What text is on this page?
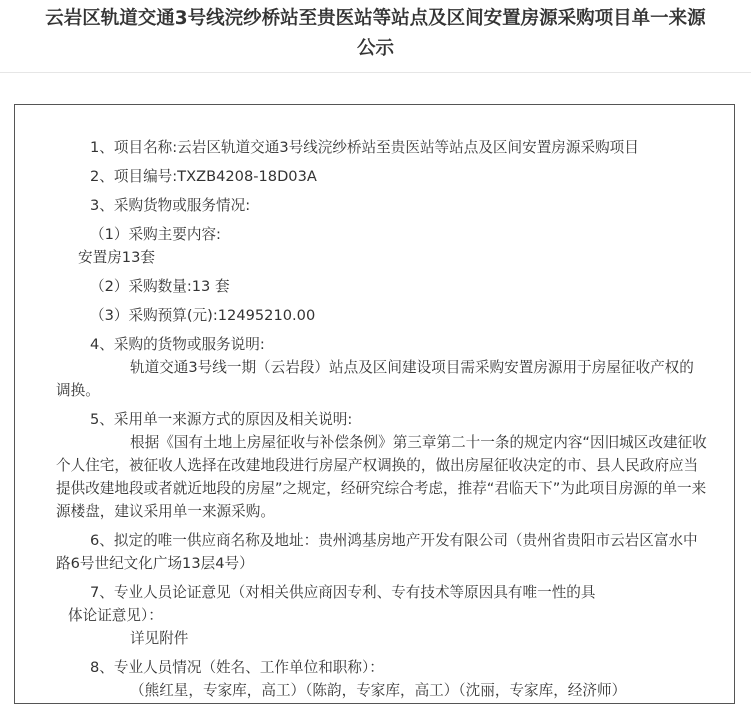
云岩区轨道交通3号线浣纱桥站至贵医站等站点及区间安置房源采购项目单一来源
公示

1、项目名称:云岩区轨道交通3号线浣纱桥站至贵医站等站点及区间安置房源采购项目

2、项目编号:TXZB4208-18D03A

3、采购货物或服务情况:

（1）采购主要内容:

安置房13套

（2）采购数量:13 套

（3）采购预算(元):12495210.00

4、采购的货物或服务说明:

轨道交通3号线一期（云岩段）站点及区间建设项目需采购安置房源用于房屋征收产权的调换。

5、采用单一来源方式的原因及相关说明:

根据《国有土地上房屋征收与补偿条例》第三章第二十一条的规定内容“因旧城区改建征收个人住宅，被征收人选择在改建地段进行房屋产权调换的，做出房屋征收决定的市、县人民政府应当提供改建地段或者就近地段的房屋”之规定，经研究综合考虑，推荐“君临天下”为此项目房源的单一来源楼盘，建议采用单一来源采购。

6、拟定的唯一供应商名称及地址：贵州鸿基房地产开发有限公司（贵州省贵阳市云岩区富水中路6号世纪文化广场13层4号）

7、专业人员论证意见（对相关供应商因专利、专有技术等原因具有唯一性的具

体论证意见）：

详见附件

8、专业人员情况（姓名、工作单位和职称）：

（熊红星，专家库，高工）（陈韵，专家库，高工）（沈丽，专家库，经济师）
